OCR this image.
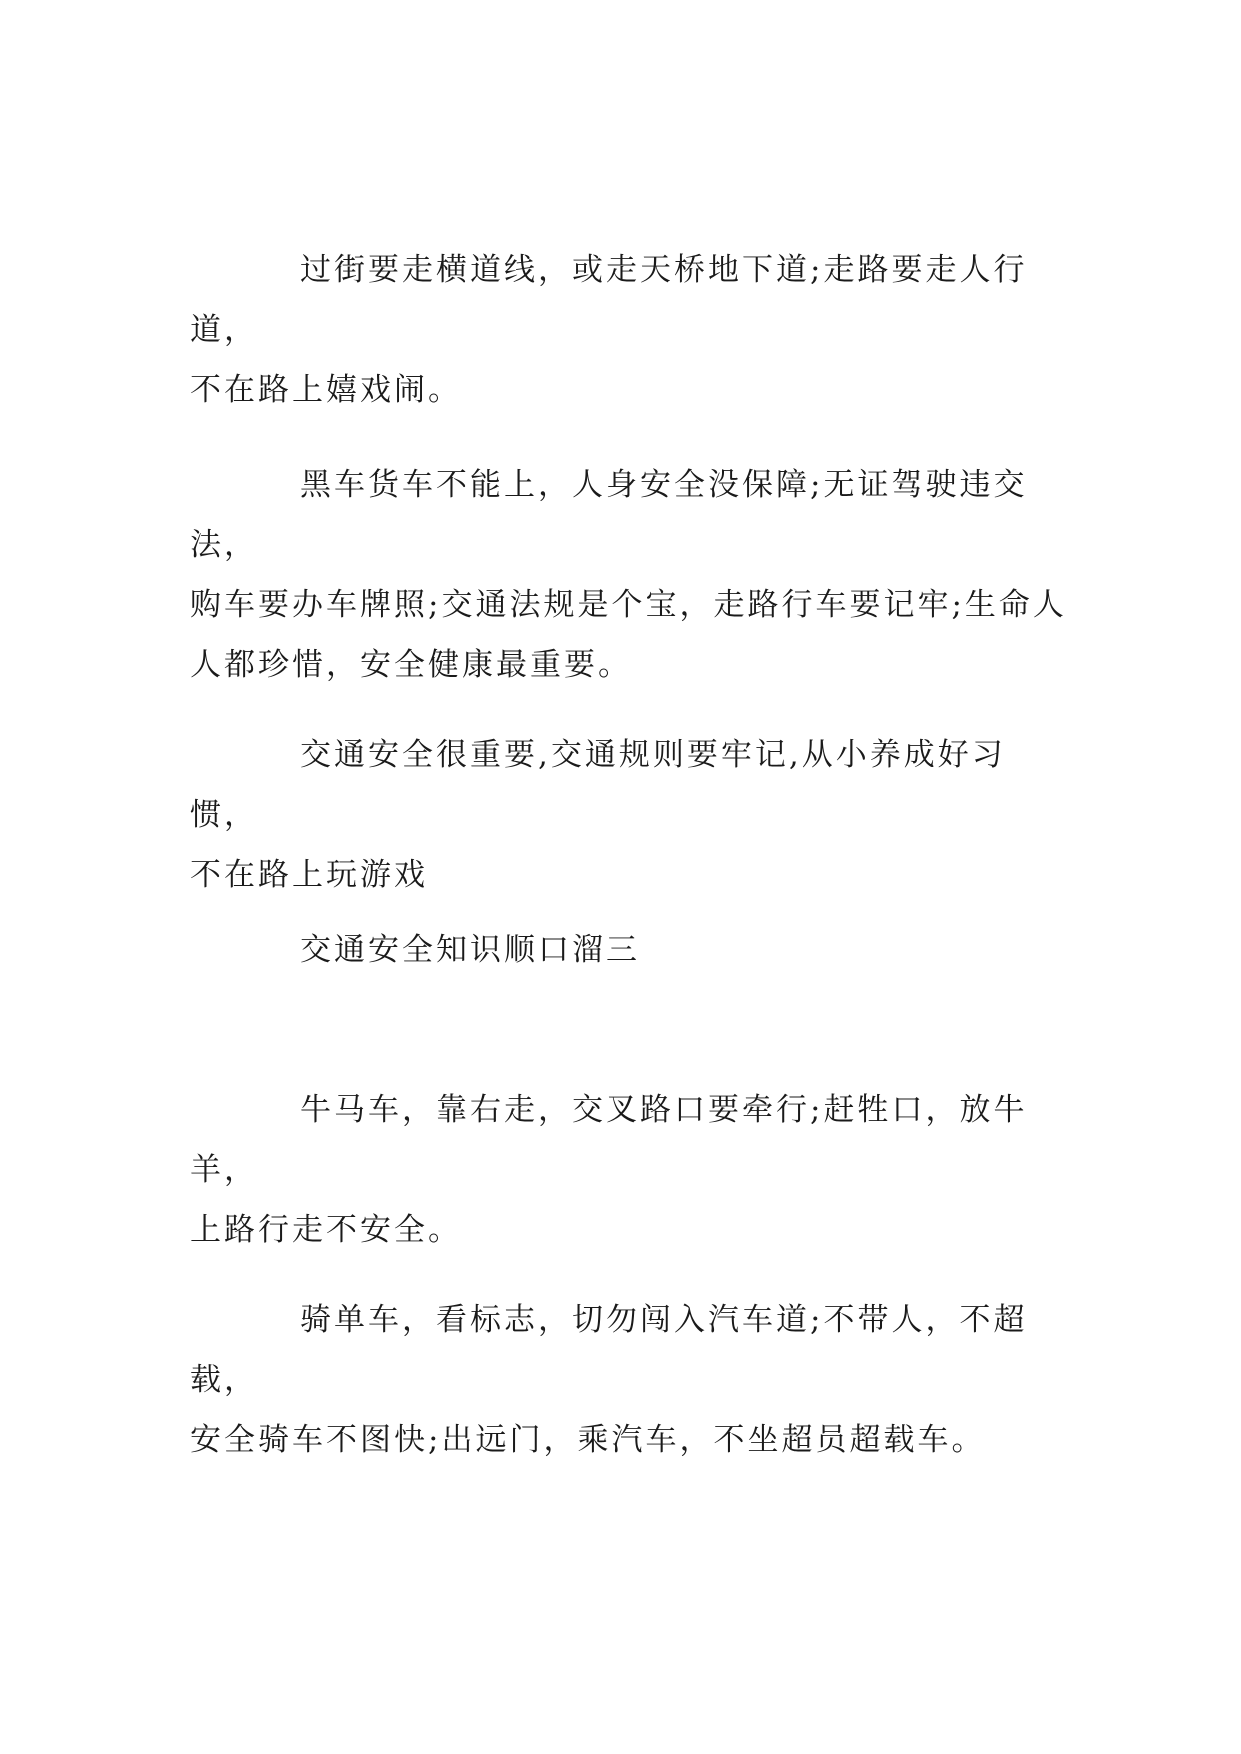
过街要走横道线，或走天桥地下道;走路要走人行道，
不在路上嬉戏闹。

黑车货车不能上，人身安全没保障;无证驾驶违交法，
购车要办车牌照;交通法规是个宝，走路行车要记牢;生命人
人都珍惜，安全健康最重要。

交通安全很重要,交通规则要牢记,从小养成好习惯，
不在路上玩游戏

交通安全知识顺口溜三

牛马车，靠右走，交叉路口要牵行;赶牲口，放牛羊，
上路行走不安全。

骑单车，看标志，切勿闯入汽车道;不带人，不超载，
安全骑车不图快;出远门，乘汽车，不坐超员超载车。
